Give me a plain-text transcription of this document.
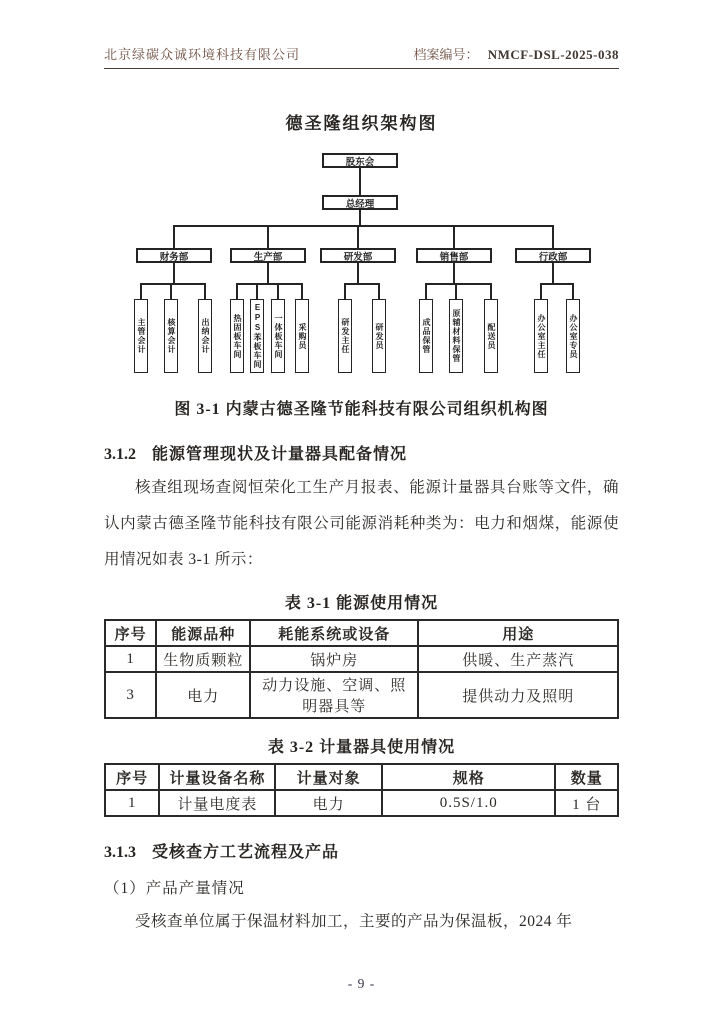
北京绿碳众诚环境科技有限公司	档案编号： NMCF-DSL-2025-038
德圣隆组织架构图
股东会
总经理
财务部	生产部	研发部	销售部	行政部
主管会计	核算会计	出纳会计	热固板车间	EPS苯板车间	一体板车间	采购员	研发主任	研发员	成品保管	原辅材料保管	配送员	办公室主任	办公室专员
图 3-1 内蒙古德圣隆节能科技有限公司组织机构图
3.1.2 能源管理现状及计量器具配备情况

核查组现场查阅恒荣化工生产月报表、能源计量器具台账等文件，确认内蒙古德圣隆节能科技有限公司能源消耗种类为：电力和烟煤，能源使用情况如表 3-1 所示：

表 3-1 能源使用情况
序号	能源品种	耗能系统或设备	用途
1	生物质颗粒	锅炉房	供暖、生产蒸汽
3	电力	动力设施、空调、照明器具等	提供动力及照明
表 3-2 计量器具使用情况
序号	计量设备名称	计量对象	规格	数量
1	计量电度表	电力	0.5S/1.0	1 台
3.1.3 受核查方工艺流程及产品
（1）产品产量情况

受核查单位属于保温材料加工，主要的产品为保温板，2024 年

- 9 -
